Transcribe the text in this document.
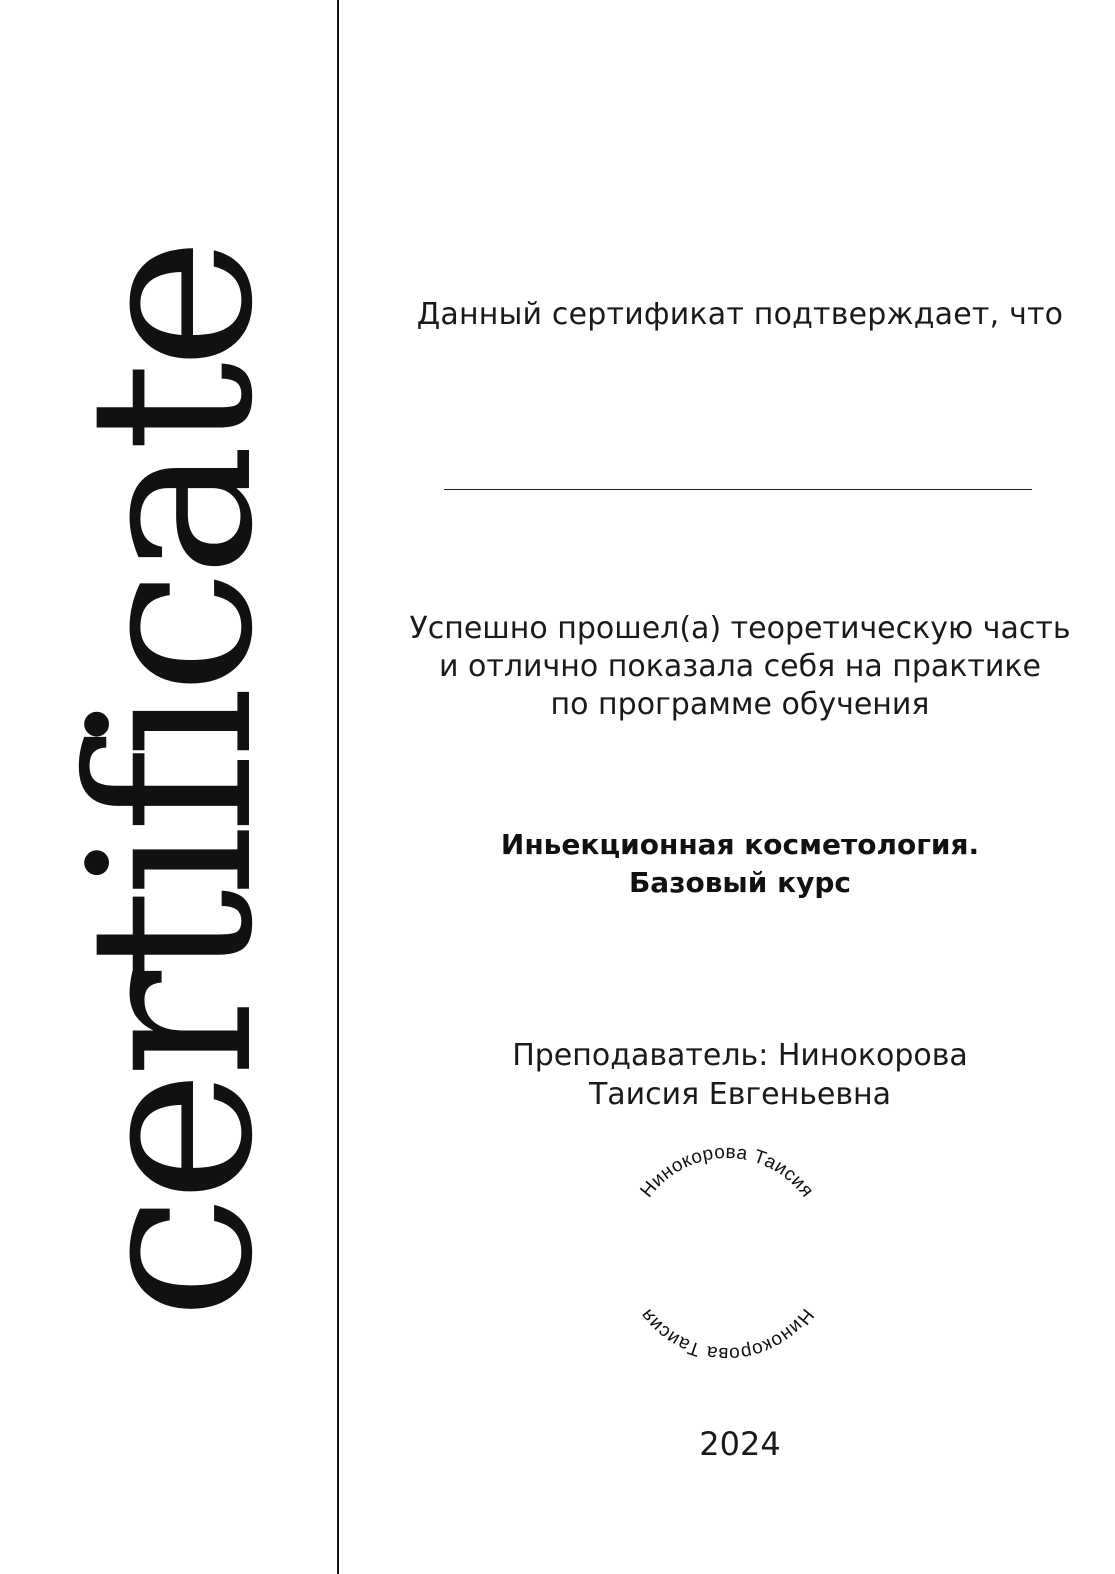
certificate	Данный сертификат подтверждает, что
Успешно прошел(а) теоретическую часть
и отлично показала себя на практике
по программе обучения
Иньекционная косметология.
Базовый курс
Преподаватель: Нинокорова
Таисия Евгеньевна
Нинокорова Таисия
Нинокорова Таисия
2024
